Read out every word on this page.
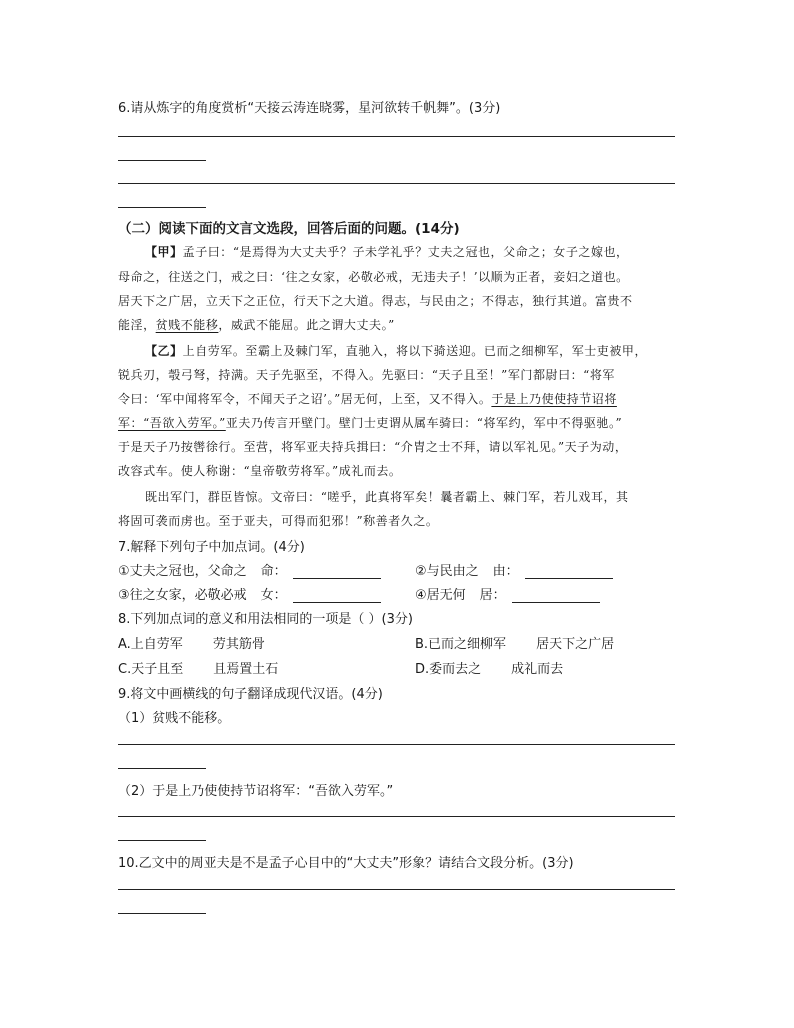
6.请从炼字的角度赏析“天接云涛连晓雾，星河欲转千帆舞”。(3分)
（二）阅读下面的文言文选段，回答后面的问题。(14分)
【甲】孟子曰：“是焉得为大丈夫乎？子未学礼乎？丈夫之冠也，父命之；女子之嫁也，
母命之，往送之门，戒之曰：‘往之女家，必敬必戒，无违夫子！’以顺为正者，妾妇之道也。
居天下之广居，立天下之正位，行天下之大道。得志，与民由之；不得志，独行其道。富贵不
能淫，贫贱不能移，威武不能屈。此之谓大丈夫。”
【乙】上自劳军。至霸上及棘门军，直驰入，将以下骑送迎。已而之细柳军，军士吏被甲，
锐兵刃，彀弓弩，持满。天子先驱至，不得入。先驱曰：“天子且至！”军门都尉曰：“将军
令曰：‘军中闻将军令，不闻天子之诏’。”居无何，上至，又不得入。于是上乃使使持节诏将
军：“吾欲入劳军。”亚夫乃传言开壁门。壁门士吏谓从属车骑曰：“将军约，军中不得驱驰。”
于是天子乃按辔徐行。至营，将军亚夫持兵揖曰：“介胄之士不拜，请以军礼见。”天子为动，
改容式车。使人称谢：“皇帝敬劳将军。”成礼而去。
既出军门，群臣皆惊。文帝曰：“嗟乎，此真将军矣！曩者霸上、棘门军，若儿戏耳，其
将固可袭而虏也。至于亚夫，可得而犯邪！”称善者久之。
7.解释下列句子中加点词。(4分)
①丈夫之冠也，父命之 命：	②与民由之 由：
③往之女家，必敬必戒 女：	④居无何 居：
8.下列加点词的意义和用法相同的一项是（ ）(3分)
A.上自劳军 劳其筋骨	B.已而之细柳军 居天下之广居
C.天子且至 且焉置土石	D.委而去之 成礼而去
9.将文中画横线的句子翻译成现代汉语。(4分)
（1）贫贱不能移。
（2）于是上乃使使持节诏将军：“吾欲入劳军。”
10.乙文中的周亚夫是不是孟子心目中的“大丈夫”形象？请结合文段分析。(3分)
